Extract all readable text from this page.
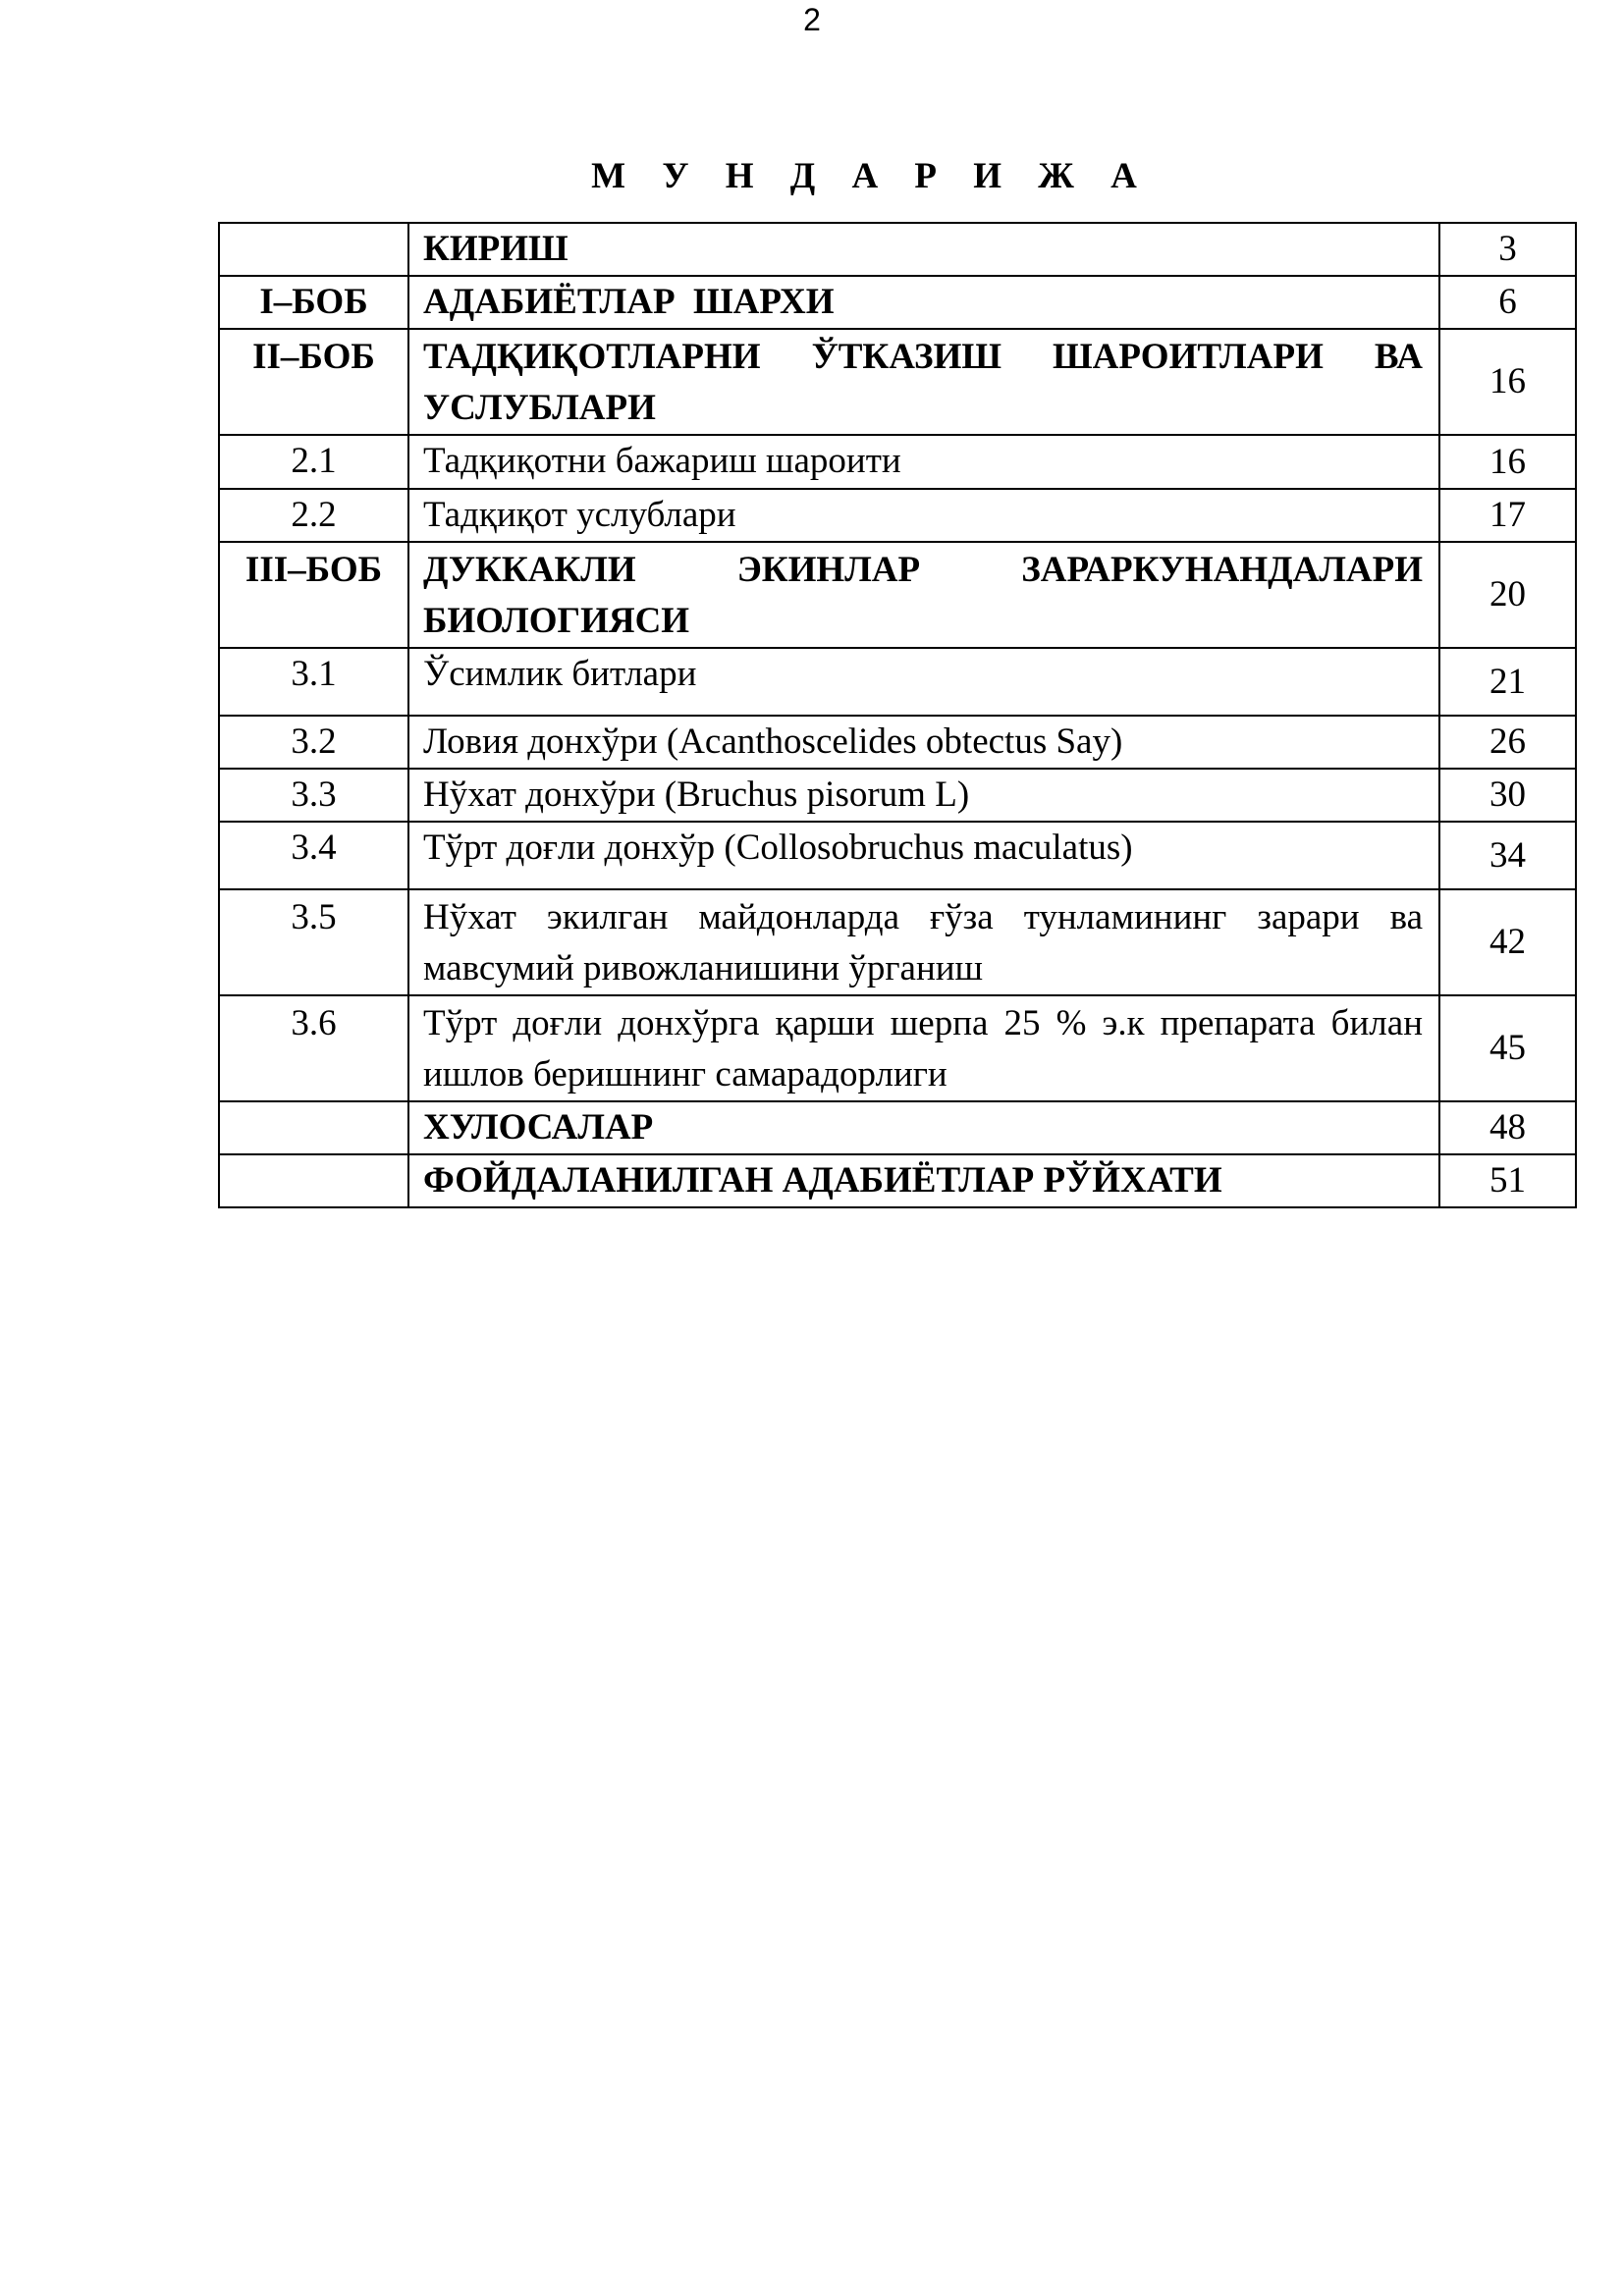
2
М У Н Д А Р И Ж А
	КИРИШ	3
I–БОБ	АДАБИЁТЛАР  ШАРХИ	6
II–БОБ	ТАДҚИҚОТЛАРНИ ЎТКАЗИШ ШАРОИТЛАРИ ВА УСЛУБЛАРИ	16
2.1	Тадқиқотни бажариш шароити	16
2.2	Тадқиқот услублари	17
III–БОБ	ДУККАКЛИ ЭКИНЛАР ЗАРАРКУНАНДАЛАРИ БИОЛОГИЯСИ	20
3.1	Ўсимлик битлари	21
3.2	Ловия донхўри (Acanthoscelides obtectus Say)	26
3.3	Нўхат донхўри (Bruchus pisorum L)	30
3.4	Тўрт доғли донхўр (Collosobruchus maculatus)	34
3.5	Нўхат экилган майдонларда ғўза тунламининг зарари ва мавсумий ривожланишини ўрганиш	42
3.6	Тўрт доғли донхўрга қарши шерпа 25 % э.к препарата билан ишлов беришнинг самарадорлиги	45
	ХУЛОСАЛАР	48
	ФОЙДАЛАНИЛГАН АДАБИЁТЛАР РЎЙХАТИ	51
